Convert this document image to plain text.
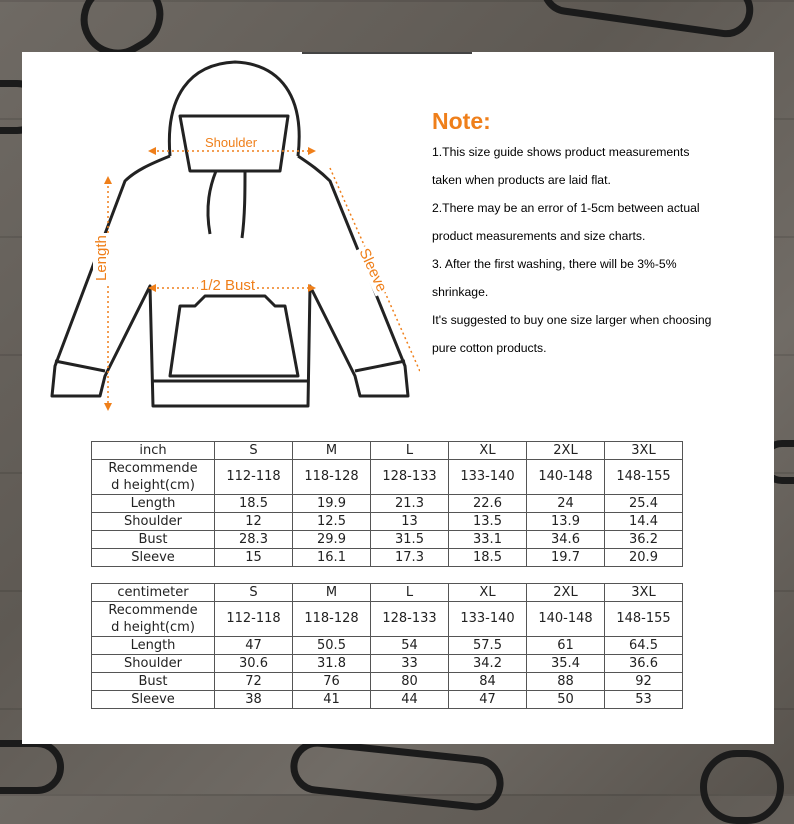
Shoulder
1/2 Bust
Length	Sleeve
Note:
1.This size guide shows product measurements
taken when products are laid flat.
2.There may be an error of 1-5cm between actual
product measurements and size charts.
3. After the first washing, there will be 3%-5%
shrinkage.
It's suggested to buy one size larger when choosing
pure cotton products.
inch	S	M	L	XL	2XL	3XL
Recommende
d height(cm)	112-118	118-128	128-133	133-140	140-148	148-155
Length	18.5	19.9	21.3	22.6	24	25.4
Shoulder	12	12.5	13	13.5	13.9	14.4
Bust	28.3	29.9	31.5	33.1	34.6	36.2
Sleeve	15	16.1	17.3	18.5	19.7	20.9
centimeter	S	M	L	XL	2XL	3XL
Recommende
d height(cm)	112-118	118-128	128-133	133-140	140-148	148-155
Length	47	50.5	54	57.5	61	64.5
Shoulder	30.6	31.8	33	34.2	35.4	36.6
Bust	72	76	80	84	88	92
Sleeve	38	41	44	47	50	53
